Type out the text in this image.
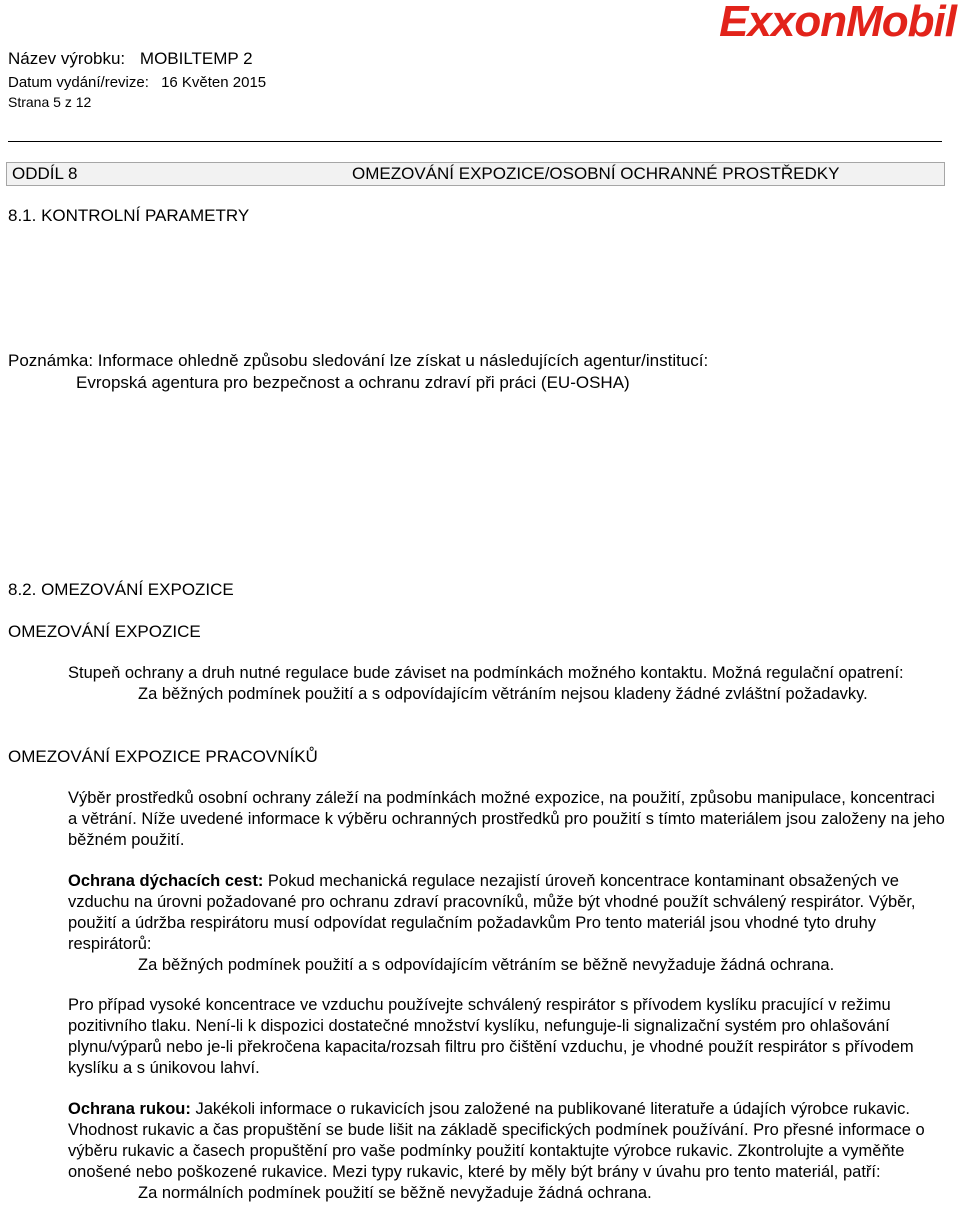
Název výrobku: MOBILTEMP 2
Datum vydání/revize: 16 Květen 2015
Strana 5 z 12
ExxonMobil
ODDÍL 8	OMEZOVÁNÍ EXPOZICE/OSOBNÍ OCHRANNÉ PROSTŘEDKY
8.1. KONTROLNÍ PARAMETRY
Poznámka: Informace ohledně způsobu sledování lze získat u následujících agentur/institucí:
Evropská agentura pro bezpečnost a ochranu zdraví při práci (EU-OSHA)
8.2. OMEZOVÁNÍ EXPOZICE
OMEZOVÁNÍ EXPOZICE
Stupeň ochrany a druh nutné regulace bude záviset na podmínkách možného kontaktu. Možná regulační opatrení:
Za běžných podmínek použití a s odpovídajícím větráním nejsou kladeny žádné zvláštní požadavky.
OMEZOVÁNÍ EXPOZICE PRACOVNÍKŮ
Výběr prostředků osobní ochrany záleží na podmínkách možné expozice, na použití, způsobu manipulace, koncentraci a větrání. Níže uvedené informace k výběru ochranných prostředků pro použití s tímto materiálem jsou založeny na jeho běžném použití.
Ochrana dýchacích cest: Pokud mechanická regulace nezajistí úroveň koncentrace kontaminant obsažených ve vzduchu na úrovni požadované pro ochranu zdraví pracovníků, může být vhodné použít schválený respirátor. Výběr, použití a údržba respirátoru musí odpovídat regulačním požadavkům Pro tento materiál jsou vhodné tyto druhy respirátorů:
Za běžných podmínek použití a s odpovídajícím větráním se běžně nevyžaduje žádná ochrana.
Pro případ vysoké koncentrace ve vzduchu používejte schválený respirátor s přívodem kyslíku pracující v režimu pozitivního tlaku. Není-li k dispozici dostatečné množství kyslíku, nefunguje-li signalizační systém pro ohlašování plynu/výparů nebo je-li překročena kapacita/rozsah filtru pro čištění vzduchu, je vhodné použít respirátor s přívodem kyslíku a s únikovou lahví.
Ochrana rukou: Jakékoli informace o rukavicích jsou založené na publikované literatuře a údajích výrobce rukavic. Vhodnost rukavic a čas propuštění se bude lišit na základě specifických podmínek používání. Pro přesné informace o výběru rukavic a časech propuštění pro vaše podmínky použití kontaktujte výrobce rukavic. Zkontrolujte a vyměňte onošené nebo poškozené rukavice. Mezi typy rukavic, které by měly být brány v úvahu pro tento materiál, patří:
Za normálních podmínek použití se běžně nevyžaduje žádná ochrana.
